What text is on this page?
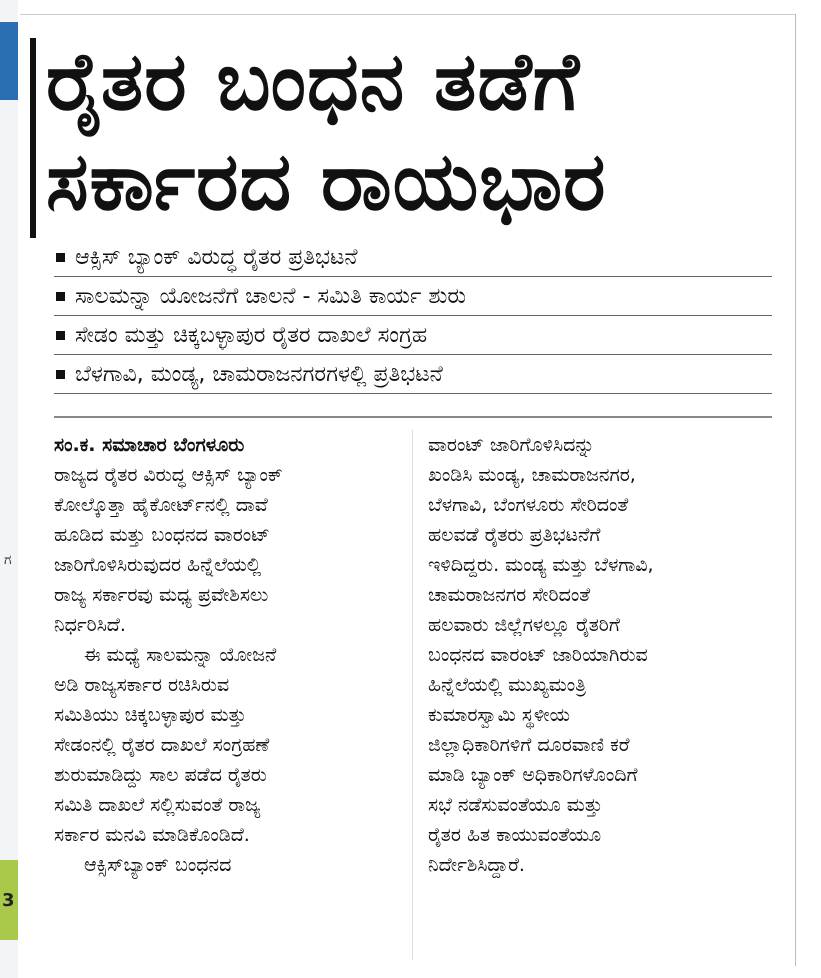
ಗ
3
ರೈತರ ಬಂಧನ ತಡೆಗೆ
ಸರ್ಕಾರದ ರಾಯಭಾರ
ಆಕ್ಸಿಸ್ ಬ್ಯಾಂಕ್ ವಿರುದ್ಧ ರೈತರ ಪ್ರತಿಭಟನೆ
ಸಾಲಮನ್ನಾ ಯೋಜನೆಗೆ ಚಾಲನೆ - ಸಮಿತಿ ಕಾರ್ಯ ಶುರು
ಸೇಡಂ ಮತ್ತು ಚಿಕ್ಕಬಳ್ಳಾಪುರ ರೈತರ ದಾಖಲೆ ಸಂಗ್ರಹ
ಬೆಳಗಾವಿ, ಮಂಡ್ಯ, ಚಾಮರಾಜನಗರಗಳಲ್ಲಿ ಪ್ರತಿಭಟನೆ
ಸಂ.ಕ. ಸಮಾಚಾರ ಬೆಂಗಳೂರು
ರಾಜ್ಯದ ರೈತರ ವಿರುದ್ಧ ಆಕ್ಸಿಸ್ ಬ್ಯಾಂಕ್
ಕೋಲ್ಕೊತ್ತಾ ಹೈಕೋರ್ಟ್‌ನಲ್ಲಿ ದಾವೆ
ಹೂಡಿದ ಮತ್ತು ಬಂಧನದ ವಾರಂಟ್
ಜಾರಿಗೊಳಿಸಿರುವುದರ ಹಿನ್ನೆಲೆಯಲ್ಲಿ
ರಾಜ್ಯ ಸರ್ಕಾರವು ಮಧ್ಯ ಪ್ರವೇಶಿಸಲು
ನಿರ್ಧರಿಸಿದೆ.
ಈ ಮಧ್ಯೆ ಸಾಲಮನ್ನಾ ಯೋಜನೆ
ಅಡಿ ರಾಜ್ಯಸರ್ಕಾರ ರಚಿಸಿರುವ
ಸಮಿತಿಯು ಚಿಕ್ಕಬಳ್ಳಾಪುರ ಮತ್ತು
ಸೇಡಂನಲ್ಲಿ ರೈತರ ದಾಖಲೆ ಸಂಗ್ರಹಣೆ
ಶುರುಮಾಡಿದ್ದು ಸಾಲ ಪಡೆದ ರೈತರು
ಸಮಿತಿ ದಾಖಲೆ ಸಲ್ಲಿಸುವಂತೆ ರಾಜ್ಯ
ಸರ್ಕಾರ ಮನವಿ ಮಾಡಿಕೊಂಡಿದೆ.
ಆಕ್ಸಿಸ್‌ಬ್ಯಾಂಕ್ ಬಂಧನದ
ವಾರಂಟ್ ಜಾರಿಗೊಳಿಸಿದನ್ನು
ಖಂಡಿಸಿ ಮಂಡ್ಯ, ಚಾಮರಾಜನಗರ,
ಬೆಳಗಾವಿ, ಬೆಂಗಳೂರು ಸೇರಿದಂತೆ
ಹಲವಡೆ ರೈತರು ಪ್ರತಿಭಟನೆಗೆ
ಇಳಿದಿದ್ದರು. ಮಂಡ್ಯ ಮತ್ತು ಬೆಳಗಾವಿ,
ಚಾಮರಾಜನಗರ ಸೇರಿದಂತೆ
ಹಲವಾರು ಜಿಲ್ಲೆಗಳಲ್ಲೂ ರೈತರಿಗೆ
ಬಂಧನದ ವಾರಂಟ್ ಜಾರಿಯಾಗಿರುವ
ಹಿನ್ನೆಲೆಯಲ್ಲಿ ಮುಖ್ಯಮಂತ್ರಿ
ಕುಮಾರಸ್ವಾಮಿ ಸ್ಥಳೀಯ
ಜಿಲ್ಲಾಧಿಕಾರಿಗಳಿಗೆ ದೂರವಾಣಿ ಕರೆ
ಮಾಡಿ ಬ್ಯಾಂಕ್ ಅಧಿಕಾರಿಗಳೊಂದಿಗೆ
ಸಭೆ ನಡೆಸುವಂತೆಯೂ ಮತ್ತು
ರೈತರ ಹಿತ ಕಾಯುವಂತೆಯೂ
ನಿರ್ದೇಶಿಸಿದ್ದಾರೆ.
